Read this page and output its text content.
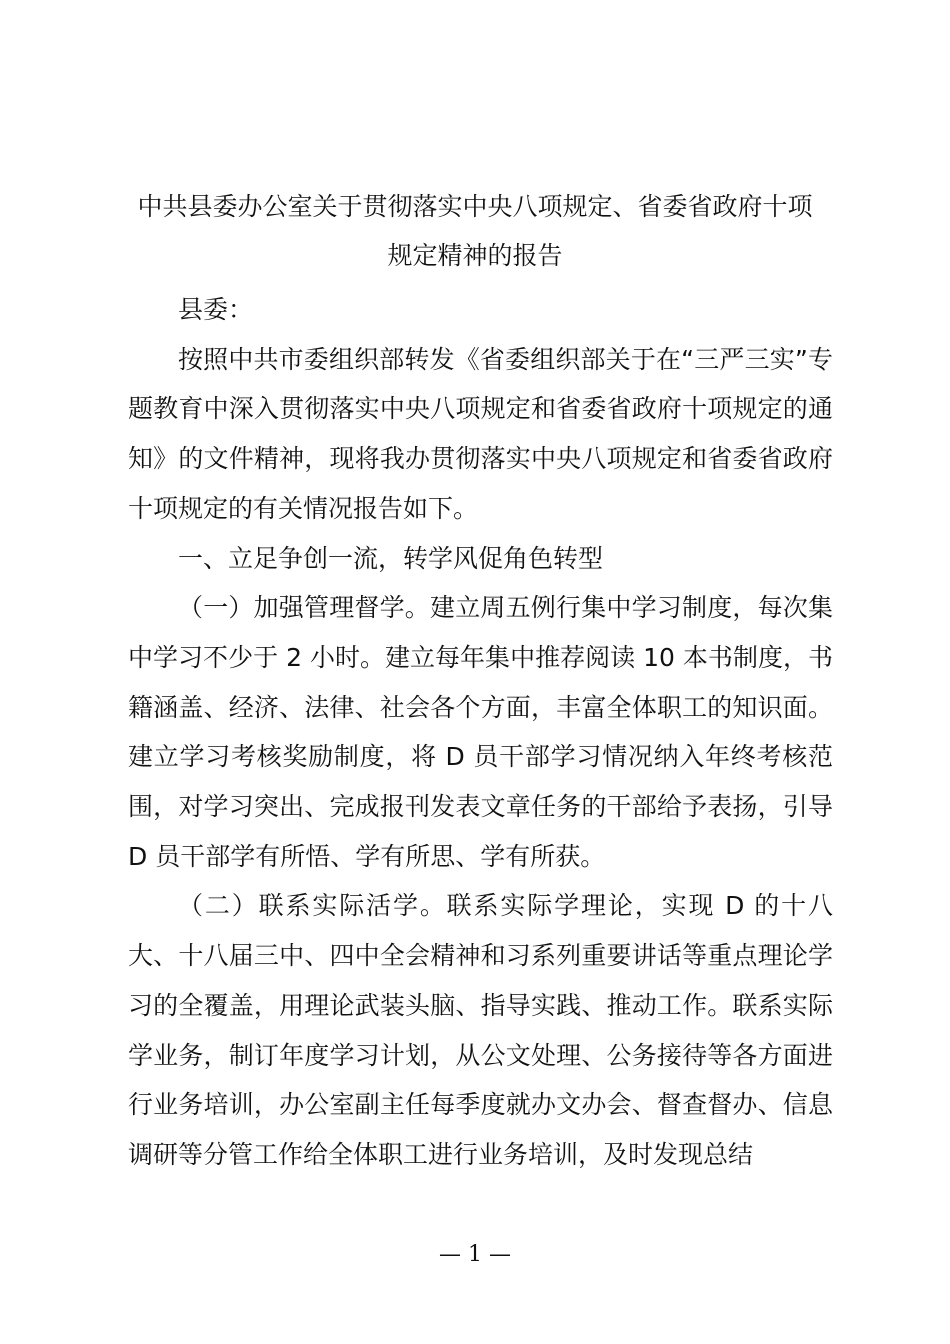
中共县委办公室关于贯彻落实中央八项规定、省委省政府十项
规定精神的报告

县委：

按照中共市委组织部转发《省委组织部关于在“三严三实”专题教育中深入贯彻落实中央八项规定和省委省政府十项规定的通知》的文件精神，现将我办贯彻落实中央八项规定和省委省政府十项规定的有关情况报告如下。

一、立足争创一流，转学风促角色转型

（一）加强管理督学。建立周五例行集中学习制度，每次集中学习不少于 2 小时。建立每年集中推荐阅读 10 本书制度，书籍涵盖、经济、法律、社会各个方面，丰富全体职工的知识面。建立学习考核奖励制度，将 D 员干部学习情况纳入年终考核范围，对学习突出、完成报刊发表文章任务的干部给予表扬，引导 D 员干部学有所悟、学有所思、学有所获。

（二）联系实际活学。联系实际学理论，实现 D 的十八大、十八届三中、四中全会精神和习系列重要讲话等重点理论学习的全覆盖，用理论武装头脑、指导实践、推动工作。联系实际学业务，制订年度学习计划，从公文处理、公务接待等各方面进行业务培训，办公室副主任每季度就办文办会、督查督办、信息调研等分管工作给全体职工进行业务培训，及时发现总结

— 1 —
